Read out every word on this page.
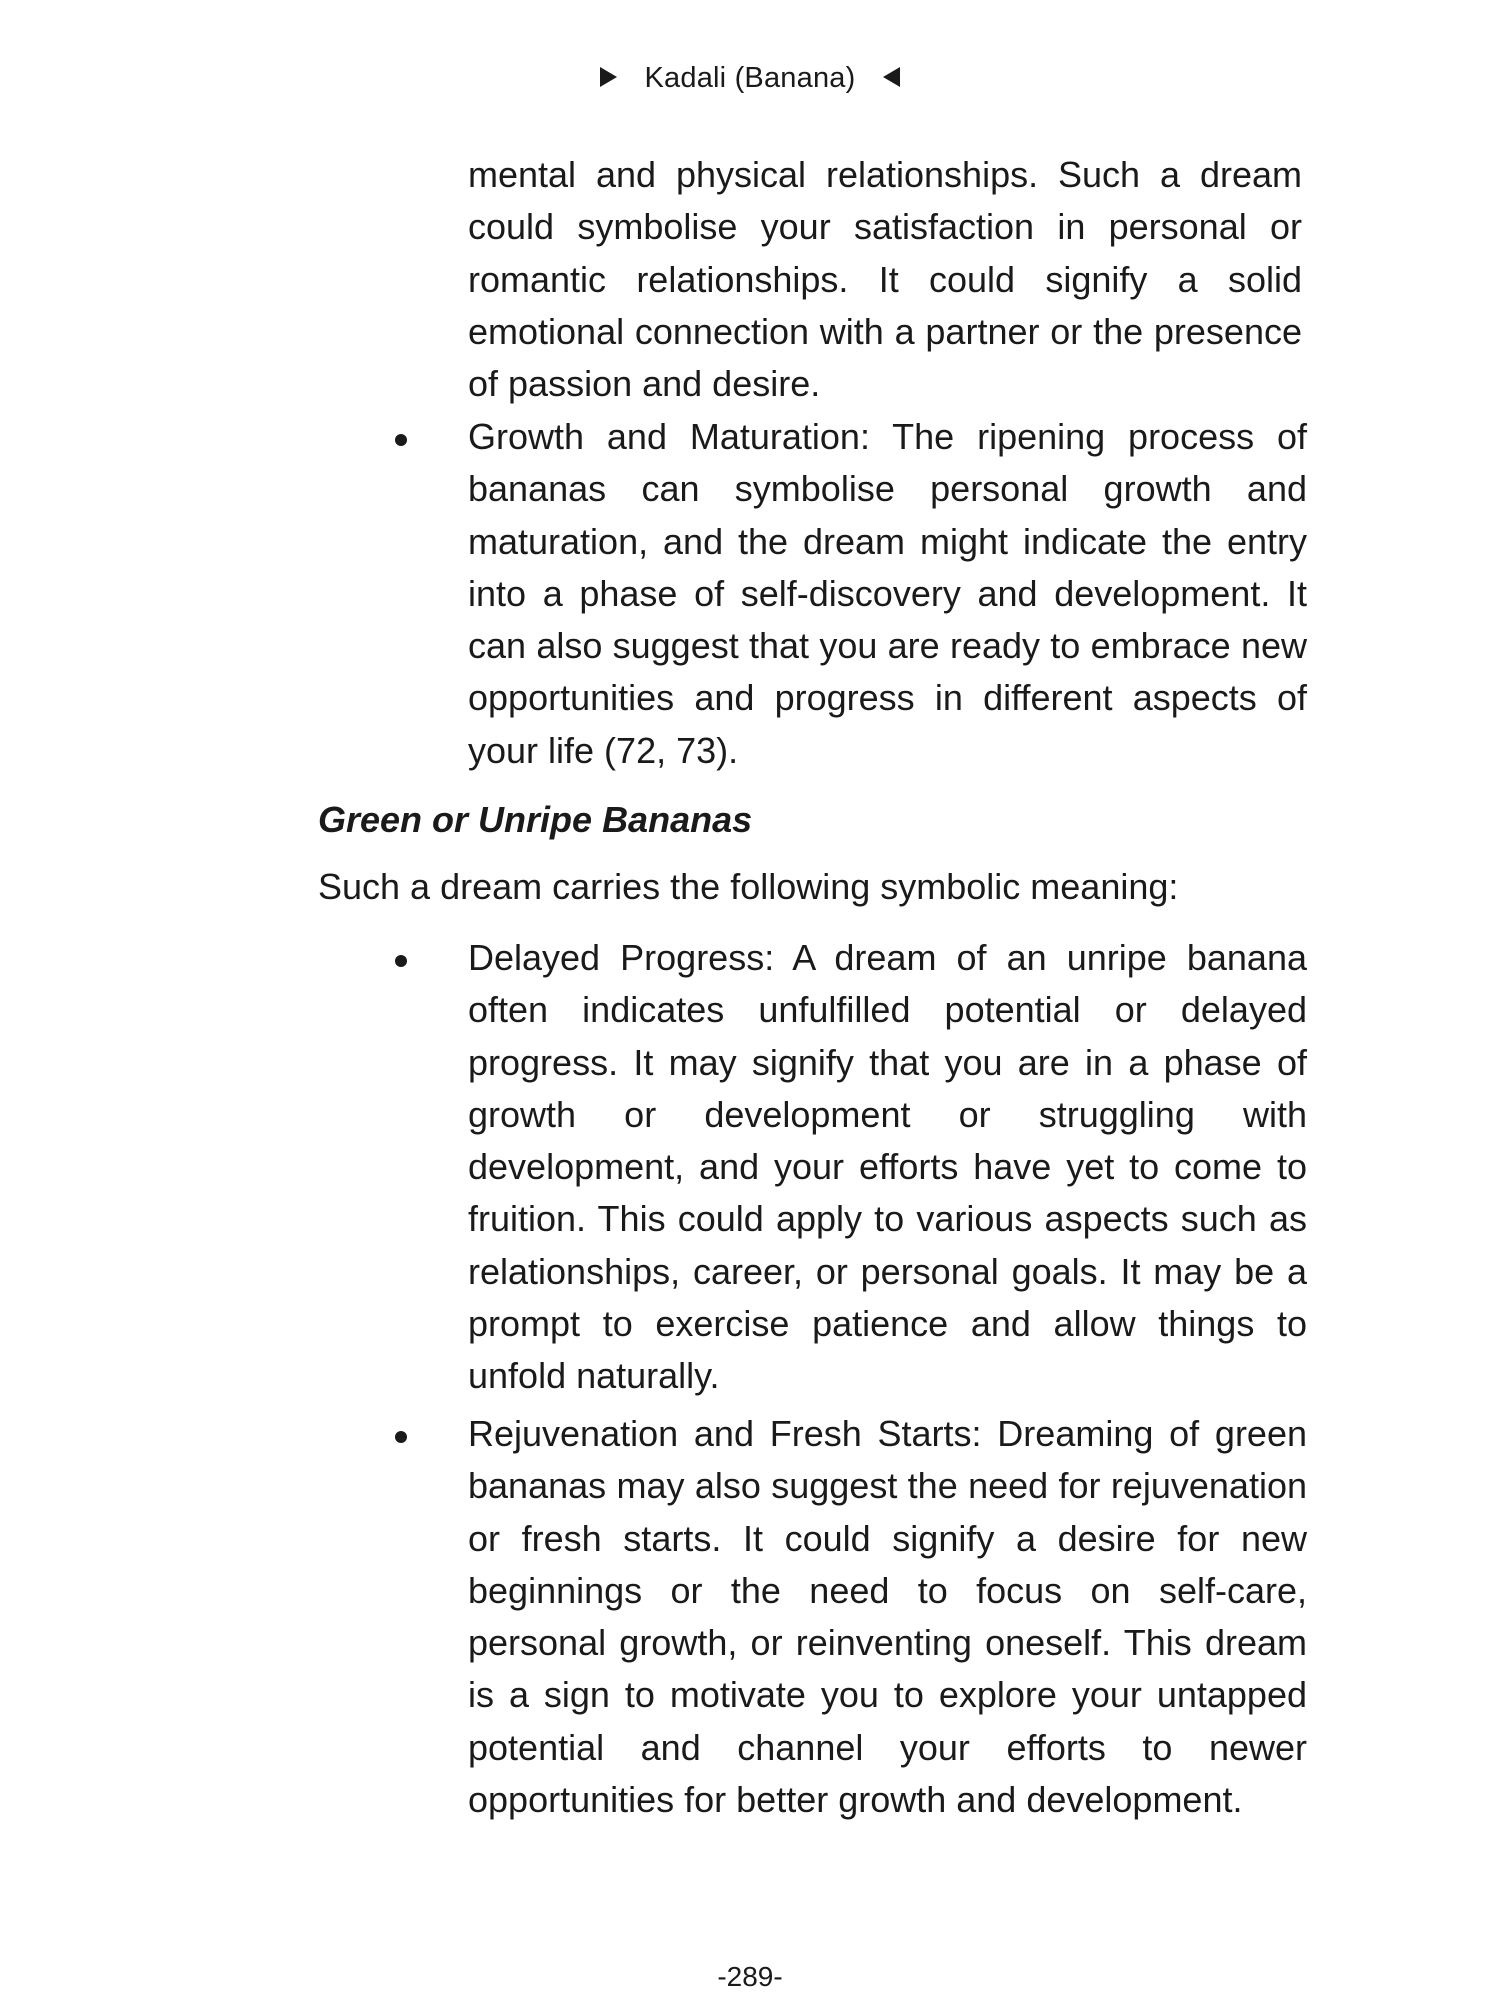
Kadali (Banana)

mental and physical relationships. Such a dream could symbolise your satisfaction in personal or romantic relationships. It could signify a solid emotional connection with a partner or the presence of passion and desire.

Growth and Maturation: The ripening process of bananas can symbolise personal growth and maturation, and the dream might indicate the entry into a phase of self-discovery and development. It can also suggest that you are ready to embrace new opportunities and progress in different aspects of your life (72, 73).

Green or Unripe Bananas

Such a dream carries the following symbolic meaning:

Delayed Progress: A dream of an unripe banana often indicates unfulfilled potential or delayed progress. It may signify that you are in a phase of growth or development or struggling with development, and your efforts have yet to come to fruition. This could apply to various aspects such as relationships, career, or personal goals. It may be a prompt to exercise patience and allow things to unfold naturally.

Rejuvenation and Fresh Starts: Dreaming of green bananas may also suggest the need for rejuvenation or fresh starts. It could signify a desire for new beginnings or the need to focus on self-care, personal growth, or reinventing oneself. This dream is a sign to motivate you to explore your untapped potential and channel your efforts to newer opportunities for better growth and development.

-289-
